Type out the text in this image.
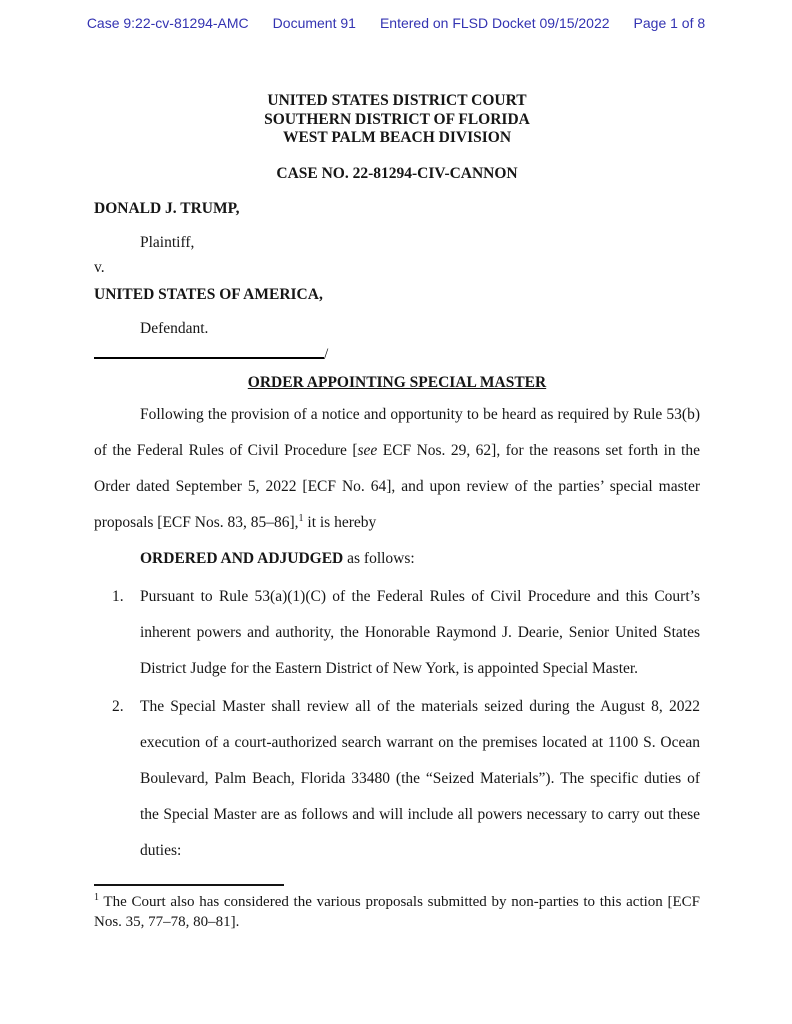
Case 9:22-cv-81294-AMC Document 91 Entered on FLSD Docket 09/15/2022 Page 1 of 8
UNITED STATES DISTRICT COURT
SOUTHERN DISTRICT OF FLORIDA
WEST PALM BEACH DIVISION
CASE NO. 22-81294-CIV-CANNON
DONALD J. TRUMP,
Plaintiff,
v.
UNITED STATES OF AMERICA,
Defendant.
/
ORDER APPOINTING SPECIAL MASTER

Following the provision of a notice and opportunity to be heard as required by Rule 53(b) of the Federal Rules of Civil Procedure [see ECF Nos. 29, 62], for the reasons set forth in the Order dated September 5, 2022 [ECF No. 64], and upon review of the parties’ special master proposals [ECF Nos. 83, 85–86],$^1$ it is hereby

ORDERED AND ADJUDGED as follows:

1.	Pursuant to Rule 53(a)(1)(C) of the Federal Rules of Civil Procedure and this Court’s inherent powers and authority, the Honorable Raymond J. Dearie, Senior United States District Judge for the Eastern District of New York, is appointed Special Master.

2.	The Special Master shall review all of the materials seized during the August 8, 2022 execution of a court-authorized search warrant on the premises located at 1100 S. Ocean Boulevard, Palm Beach, Florida 33480 (the “Seized Materials”). The specific duties of the Special Master are as follows and will include all powers necessary to carry out these duties:

$^1$ The Court also has considered the various proposals submitted by non-parties to this action [ECF Nos. 35, 77–78, 80–81].
